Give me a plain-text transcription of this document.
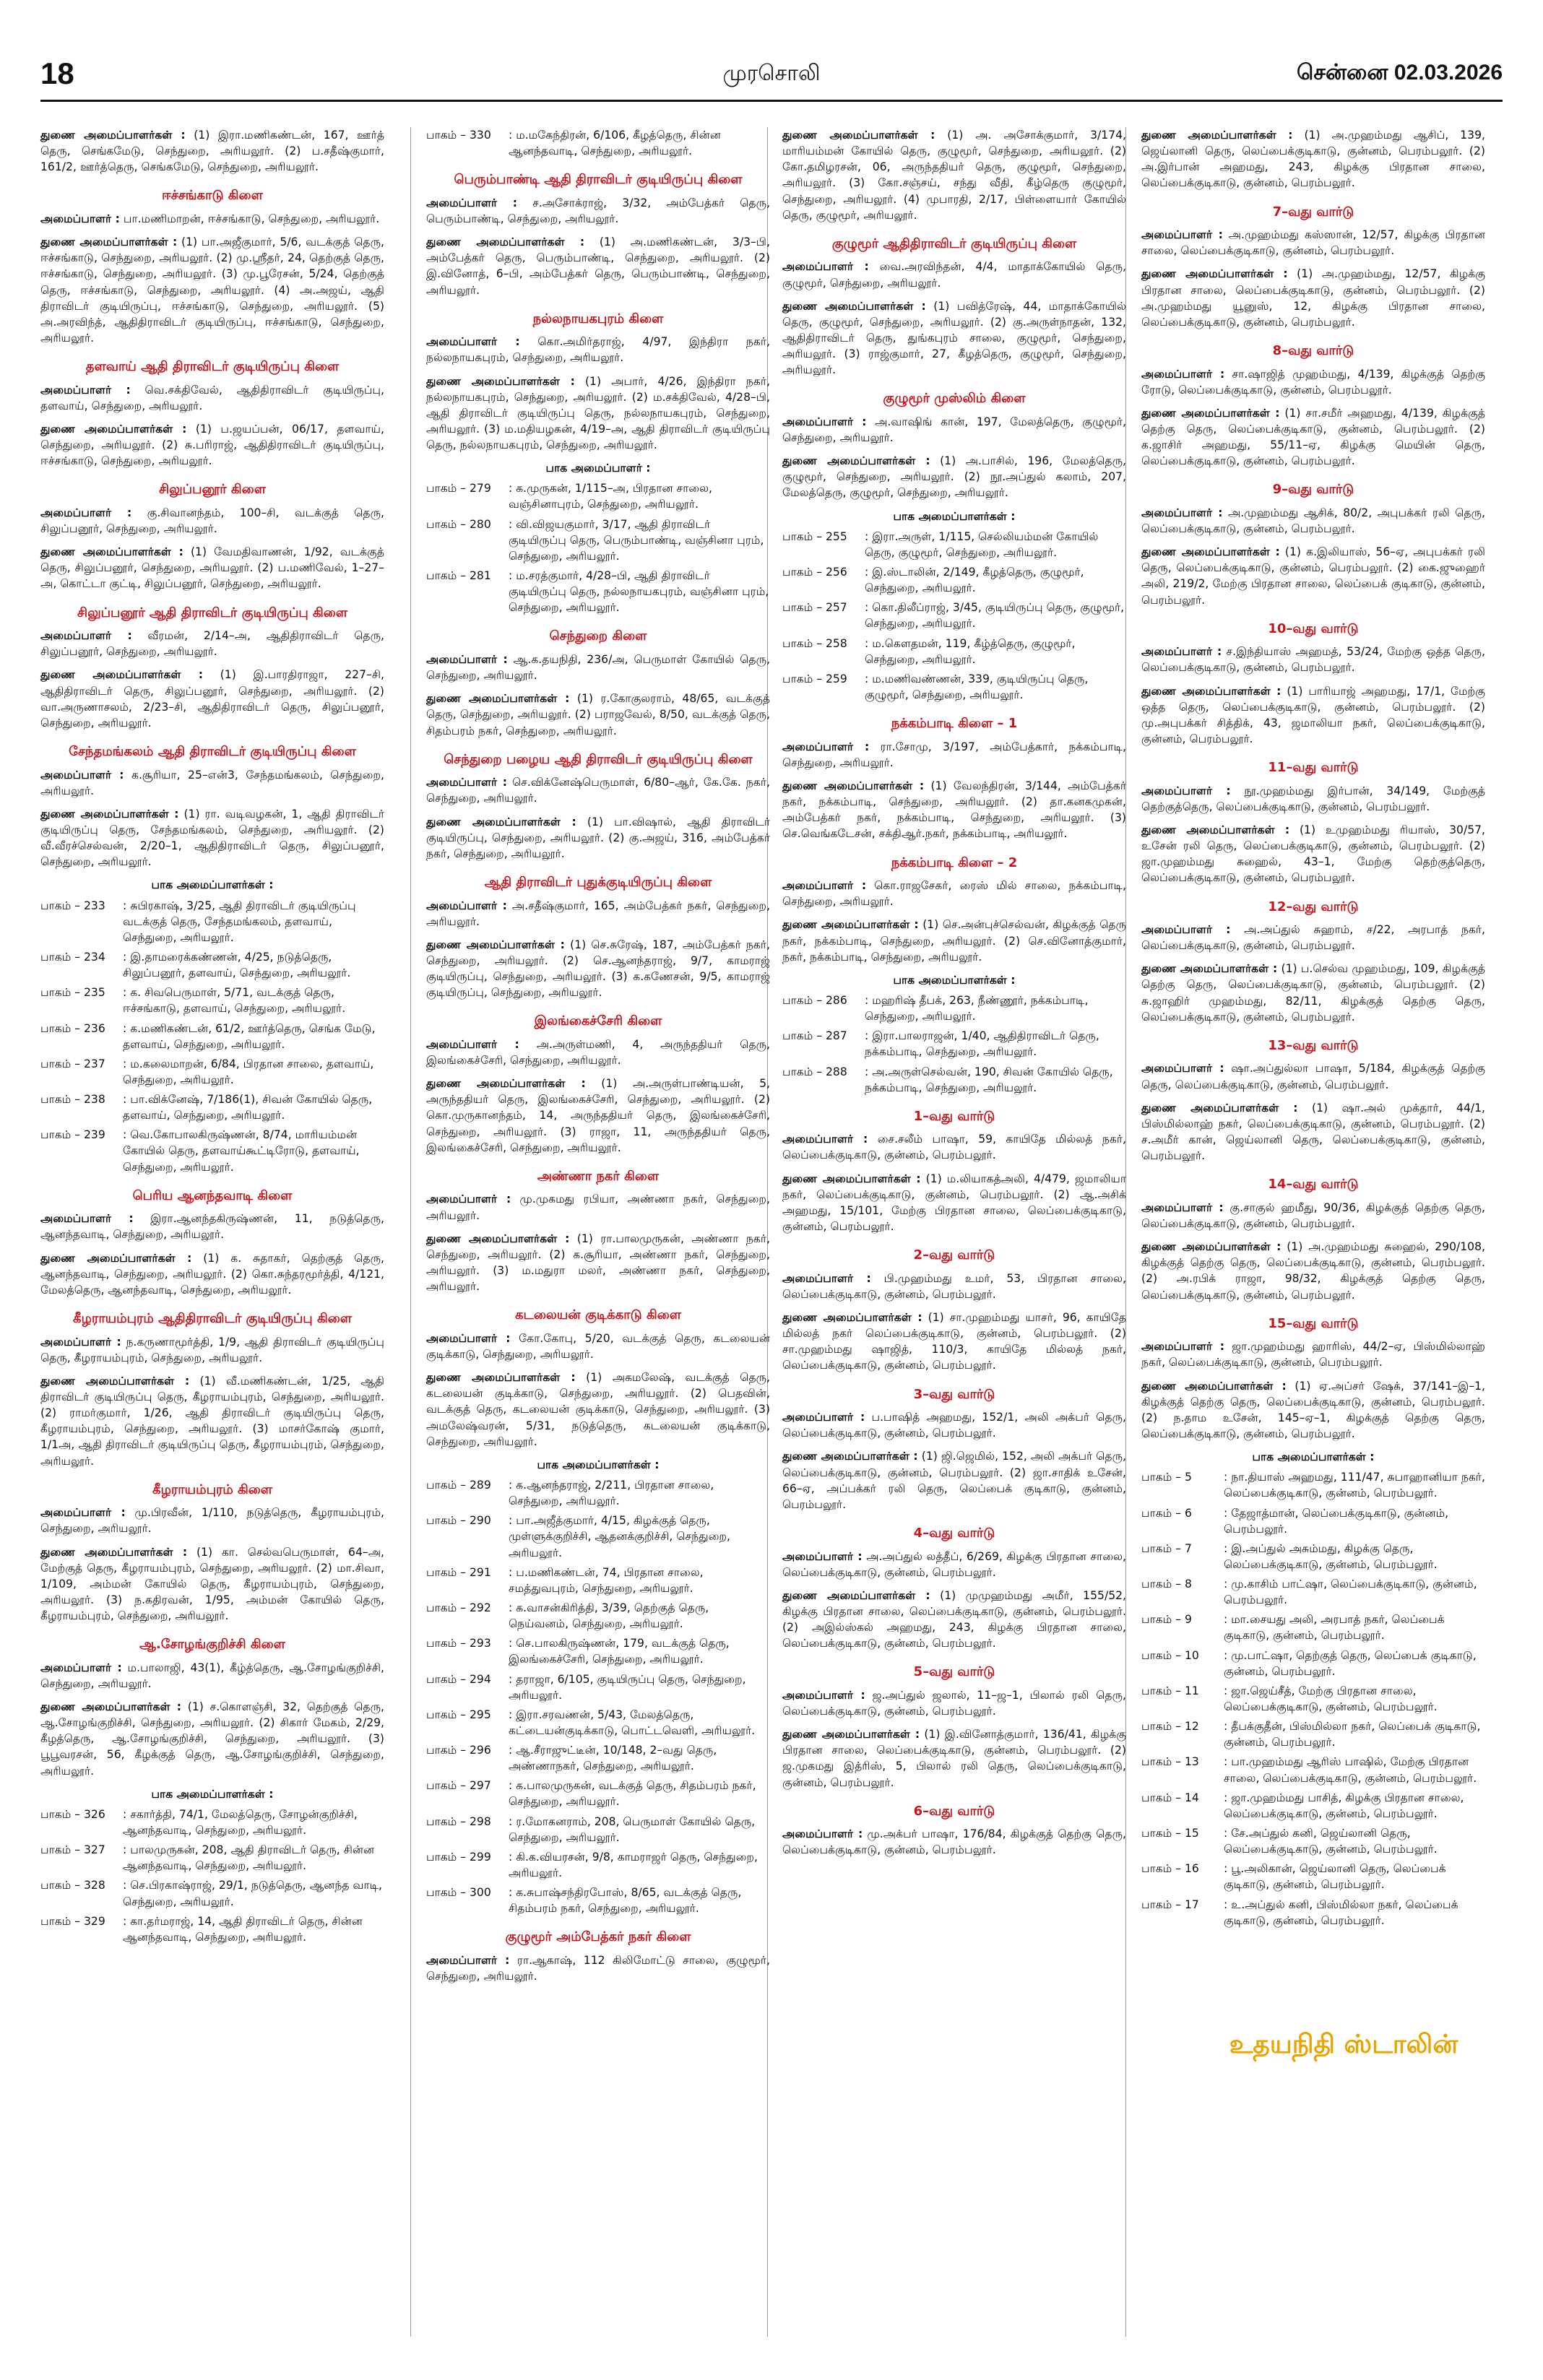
18	முரசொலி	சென்னை 02.03.2026
துணை அமைப்பாளர்கள் : (1) இரா.மணிகண்டன், 167, ஊர்த் தெரு, செங்கமேடு, செந்துறை, அரியலூர். (2) ப.சதீஷ்குமார், 161/2, ஊர்த்தெரு, செங்கமேடு, செந்துறை, அரியலூர்.
ஈச்சங்காடு கிளை
அமைப்பாளர் : பா.மணிமாறன், ஈச்சங்காடு, செந்துறை, அரியலூர்.
துணை அமைப்பாளர்கள் : (1) பா.அஜீகுமார், 5/6, வடக்குத் தெரு, ஈச்சங்காடு, செந்துறை, அரியலூர். (2) மு.ஸ்ரீதர், 24, தெற்குத் தெரு, ஈச்சங்காடு, செந்துறை, அரியலூர். (3) மு.பூரேசன், 5/24, தெற்குத் தெரு, ஈச்சங்காடு, செந்துறை, அரியலூர். (4) அ.அஜய், ஆதி திராவிடர் குடியிருப்பு, ஈச்சங்காடு, செந்துறை, அரியலூர். (5) அ.அரவிந்த், ஆதிதிராவிடர் குடியிருப்பு, ஈச்சங்காடு, செந்துறை, அரியலூர்.
தளவாய் ஆதி திராவிடர் குடியிருப்பு கிளை
அமைப்பாளர் : வெ.சக்திவேல், ஆதிதிராவிடர் குடியிருப்பு, தளவாய், செந்துறை, அரியலூர்.
துணை அமைப்பாளர்கள் : (1) ப.ஜயப்பன், 06/17, தளவாய், செந்துறை, அரியலூர். (2) சு.பரிராஜ், ஆதிதிராவிடர் குடியிருப்பு, ஈச்சங்காடு, செந்துறை, அரியலூர்.
சிலுப்பனூர் கிளை
அமைப்பாளர் : கு.சிவானந்தம், 100–சி, வடக்குத் தெரு, சிலுப்பனூர், செந்துறை, அரியலூர்.
துணை அமைப்பாளர்கள் : (1) வேமதிவாணன், 1/92, வடக்குத் தெரு, சிலுப்பனூர், செந்துறை, அரியலூர். (2) ப.மணிவேல், 1–27–அ, கொட்டா குட்டி, சிலுப்பனூர், செந்துறை, அரியலூர்.
சிலுப்பனூர் ஆதி திராவிடர் குடியிருப்பு கிளை
அமைப்பாளர் : வீரமன், 2/14–அ, ஆதிதிராவிடர் தெரு, சிலுப்பனூர், செந்துறை, அரியலூர்.
துணை அமைப்பாளர்கள் : (1) இ.பாரதிராஜா, 227–சி, ஆதிதிராவிடர் தெரு, சிலுப்பனூர், செந்துறை, அரியலூர். (2) வா.அருணாசலம், 2/23–சி, ஆதிதிராவிடர் தெரு, சிலுப்பனூர், செந்துறை, அரியலூர்.
சேந்தமங்கலம் ஆதி திராவிடர் குடியிருப்பு கிளை
அமைப்பாளர் : க.சூரியா, 25–என்3, சேந்தமங்கலம், செந்துறை, அரியலூர்.
துணை அமைப்பாளர்கள் : (1) ரா. வடிவழகன், 1, ஆதி திராவிடர் குடியிருப்பு தெரு, சேந்தமங்கலம், செந்துறை, அரியலூர். (2) வீ.வீரச்செல்வன், 2/20–1, ஆதிதிராவிடர் தெரு, சிலுப்பனூர், செந்துறை, அரியலூர்.
பாக அமைப்பாளர்கள் :
பாகம் – 233	: சுபிரகாஷ், 3/25, ஆதி திராவிடர் குடியிருப்பு வடக்குத் தெரு, சேந்தமங்கலம், தளவாய், செந்துறை, அரியலூர்.
பாகம் – 234	: இ.தாமரைக்கண்ணன், 4/25, நடுத்தெரு, சிலுப்பனூர், தளவாய், செந்துறை, அரியலூர்.
பாகம் – 235	: க. சிவபெருமாள், 5/71, வடக்குத் தெரு, ஈச்சங்காடு, தளவாய், செந்துறை, அரியலூர்.
பாகம் – 236	: க.மணிகண்டன், 61/2, ஊர்த்தெரு, செங்க மேடு, தளவாய், செந்துறை, அரியலூர்.
பாகம் – 237	: ம.கலைமாறன், 6/84, பிரதான சாலை, தளவாய், செந்துறை, அரியலூர்.
பாகம் – 238	: பா.விக்னேஷ், 7/186(1), சிவன் கோயில் தெரு, தளவாய், செந்துறை, அரியலூர்.
பாகம் – 239	: வெ.கோபாலகிருஷ்ணன், 8/74, மாரியம்மன் கோயில் தெரு, தளவாய்கூட்டிரோடு, தளவாய், செந்துறை, அரியலூர்.
பெரிய ஆனந்தவாடி கிளை
அமைப்பாளர் : இரா.ஆனந்தகிருஷ்ணன், 11, நடுத்தெரு, ஆனந்தவாடி, செந்துறை, அரியலூர்.
துணை அமைப்பாளர்கள் : (1) க. சுதாகர், தெற்குத் தெரு, ஆனந்தவாடி, செந்துறை, அரியலூர். (2) கொ.சுந்தரமூர்த்தி, 4/121, மேலத்தெரு, ஆனந்தவாடி, செந்துறை, அரியலூர்.
கீழராயம்புரம் ஆதிதிராவிடர் குடியிருப்பு கிளை
அமைப்பாளர் : ந.கருணாமூர்த்தி, 1/9, ஆதி திராவிடர் குடியிருப்பு தெரு, கீழராயம்புரம், செந்துறை, அரியலூர்.
துணை அமைப்பாளர்கள் : (1) வீ.மணிகண்டன், 1/25, ஆதி திராவிடர் குடியிருப்பு தெரு, கீழராயம்புரம், செந்துறை, அரியலூர். (2) ராமர்குமார், 1/26, ஆதி திராவிடர் குடியிருப்பு தெரு, கீழராயம்புரம், செந்துறை, அரியலூர். (3) மாசர்கோஷ் குமார், 1/1அ, ஆதி திராவிடர் குடியிருப்பு தெரு, கீழராயம்புரம், செந்துறை, அரியலூர்.
கீழராயம்புரம் கிளை
அமைப்பாளர் : மு.பிரவீன், 1/110, நடுத்தெரு, கீழராயம்புரம், செந்துறை, அரியலூர்.
துணை அமைப்பாளர்கள் : (1) கா. செல்வபெருமாள், 64–அ, மேற்குத் தெரு, கீழராயம்புரம், செந்துறை, அரியலூர். (2) மா.சிவா, 1/109, அம்மன் கோயில் தெரு, கீழராயம்புரம், செந்துறை, அரியலூர். (3) ந.கதிரவன், 1/95, அம்மன் கோயில் தெரு, கீழராயம்புரம், செந்துறை, அரியலூர்.
ஆ.சோழங்குறிச்சி கிளை
அமைப்பாளர் : ம.பாலாஜி, 43(1), கீழ்த்தெரு, ஆ.சோழங்குறிச்சி, செந்துறை, அரியலூர்.
துணை அமைப்பாளர்கள் : (1) ச.கொளஞ்சி, 32, தெற்குத் தெரு, ஆ.சோழங்குறிச்சி, செந்துறை, அரியலூர். (2) சிகார் மேகம், 2/29, கீழத்தெரு, ஆ.சோழங்குறிச்சி, செந்துறை, அரியலூர். (3) பூபூவரசன், 56, கீழக்குத் தெரு, ஆ.சோழங்குறிச்சி, செந்துறை, அரியலூர்.
பாக அமைப்பாளர்கள் :
பாகம் – 326	: சகார்த்தி, 74/1, மேலத்தெரு, சோழன்குறிச்சி, ஆனந்தவாடி, செந்துறை, அரியலூர்.
பாகம் – 327	: பாலமுருகன், 208, ஆதி திராவிடர் தெரு, சின்ன ஆனந்தவாடி, செந்துறை, அரியலூர்.
பாகம் – 328	: செ.பிரகாஷ்ராஜ், 29/1, நடுத்தெரு, ஆனந்த வாடி, செந்துறை, அரியலூர்.
பாகம் – 329	: கா.தர்மராஜ், 14, ஆதி திராவிடர் தெரு, சின்ன ஆனந்தவாடி, செந்துறை, அரியலூர்.
பாகம் – 330	: ம.மகேந்திரன், 6/106, கீழத்தெரு, சின்ன ஆனந்தவாடி, செந்துறை, அரியலூர்.
பெரும்பாண்டி ஆதி திராவிடர் குடியிருப்பு கிளை
அமைப்பாளர் : ச.அசோக்ராஜ், 3/32, அம்பேத்கர் தெரு, பெரும்பாண்டி, செந்துறை, அரியலூர்.
துணை அமைப்பாளர்கள் : (1) அ.மணிகண்டன், 3/3–பி, அம்பேத்கர் தெரு, பெரும்பாண்டி, செந்துறை, அரியலூர். (2) இ.வினோத், 6–பி, அம்பேத்கர் தெரு, பெரும்பாண்டி, செந்துறை, அரியலூர்.
நல்லநாயகபுரம் கிளை
அமைப்பாளர் : கொ.அமிர்தராஜ், 4/97, இந்திரா நகர், நல்லநாயகபுரம், செந்துறை, அரியலூர்.
துணை அமைப்பாளர்கள் : (1) அபார், 4/26, இந்திரா நகர், நல்லநாயகபுரம், செந்துறை, அரியலூர். (2) ம.சக்திவேல், 4/28–பி, ஆதி திராவிடர் குடியிருப்பு தெரு, நல்லநாயகபுரம், செந்துறை, அரியலூர். (3) ம.மதியழகன், 4/19–அ, ஆதி திராவிடர் குடியிருப்பு தெரு, நல்லநாயகபுரம், செந்துறை, அரியலூர்.
பாக அமைப்பாளர் :
பாகம் – 279	: க.முருகன், 1/115–அ, பிரதான சாலை, வஞ்சினாபுரம், செந்துறை, அரியலூர்.
பாகம் – 280	: வி.விஜயகுமார், 3/17, ஆதி திராவிடர் குடியிருப்பு தெரு, பெரும்பாண்டி, வஞ்சினா புரம், செந்துறை, அரியலூர்.
பாகம் – 281	: ம.சரத்குமார், 4/28–பி, ஆதி திராவிடர் குடியிருப்பு தெரு, நல்லநாயகபுரம், வஞ்சினா புரம், செந்துறை, அரியலூர்.
செந்துறை கிளை
அமைப்பாளர் : ஆ.க.தயநிதி, 236/அ, பெருமாள் கோயில் தெரு, செந்துறை, அரியலூர்.
துணை அமைப்பாளர்கள் : (1) ர.கோகுலராம், 48/65, வடக்குத் தெரு, செந்துறை, அரியலூர். (2) பராஜவேல், 8/50, வடக்குத் தெரு, சிதம்பரம் நகர், செந்துறை, அரியலூர்.
செந்துறை பழைய ஆதி திராவிடர் குடியிருப்பு கிளை
அமைப்பாளர் : செ.விக்னேஷ்பெருமாள், 6/80–ஆர், கே.கே. நகர், செந்துறை, அரியலூர்.
துணை அமைப்பாளர்கள் : (1) பா.விஷால், ஆதி திராவிடர் குடியிருப்பு, செந்துறை, அரியலூர். (2) கு.அஜய், 316, அம்பேத்கர் நகர், செந்துறை, அரியலூர்.
ஆதி திராவிடர் புதுக்குடியிருப்பு கிளை
அமைப்பாளர் : அ.சதீஷ்குமார், 165, அம்பேத்கர் நகர், செந்துறை, அரியலூர்.
துணை அமைப்பாளர்கள் : (1) செ.சுரேஷ், 187, அம்பேத்கர் நகர், செந்துறை, அரியலூர். (2) செ.ஆனந்தராஜ், 9/7, காமராஜ் குடியிருப்பு, செந்துறை, அரியலூர். (3) க.கணேசன், 9/5, காமராஜ் குடியிருப்பு, செந்துறை, அரியலூர்.
இலங்கைச்சேரி கிளை
அமைப்பாளர் : அ.அருள்மணி, 4, அருந்ததியர் தெரு, இலங்கைச்சேரி, செந்துறை, அரியலூர்.
துணை அமைப்பாளர்கள் : (1) அ.அருள்பாண்டியன், 5, அருந்ததியர் தெரு, இலங்கைச்சேரி, செந்துறை, அரியலூர். (2) கொ.முருகானந்தம், 14, அருந்ததியர் தெரு, இலங்கைச்சேரி, செந்துறை, அரியலூர். (3) ராஜா, 11, அருந்ததியர் தெரு, இலங்கைச்சேரி, செந்துறை, அரியலூர்.
அண்ணா நகர் கிளை
அமைப்பாளர் : மு.முகமது ரபியா, அண்ணா நகர், செந்துறை, அரியலூர்.
துணை அமைப்பாளர்கள் : (1) ரா.பாலமுருகன், அண்ணா நகர், செந்துறை, அரியலூர். (2) க.சூரியா, அண்ணா நகர், செந்துறை, அரியலூர். (3) ம.மதுரா மலர், அண்ணா நகர், செந்துறை, அரியலூர்.
கடலையன் குடிக்காடு கிளை
அமைப்பாளர் : கோ.கோபு, 5/20, வடக்குத் தெரு, கடலையன் குடிக்காடு, செந்துறை, அரியலூர்.
துணை அமைப்பாளர்கள் : (1) அகமலேஷ், வடக்குத் தெரு, கடலையன் குடிக்காடு, செந்துறை, அரியலூர். (2) பெதவின், வடக்குத் தெரு, கடலையன் குடிக்காடு, செந்துறை, அரியலூர். (3) அமலேஷ்வரன், 5/31, நடுத்தெரு, கடலையன் குடிக்காடு, செந்துறை, அரியலூர்.
பாக அமைப்பாளர்கள் :
பாகம் – 289	: க.ஆனந்தராஜ், 2/211, பிரதான சாலை, செந்துறை, அரியலூர்.
பாகம் – 290	: பா.அஜீத்குமார், 4/15, கிழக்குத் தெரு, முள்ளுக்குறிச்சி, ஆதனக்குறிச்சி, செந்துறை, அரியலூர்.
பாகம் – 291	: ப.மணிகண்டன், 74, பிரதான சாலை, சமத்துவபுரம், செந்துறை, அரியலூர்.
பாகம் – 292	: க.வாசன்கிரித்தி, 3/39, தெற்குத் தெரு, நெய்வனம், செந்துறை, அரியலூர்.
பாகம் – 293	: செ.பாலகிருஷ்ணன், 179, வடக்குத் தெரு, இலங்கைச்சேரி, செந்துறை, அரியலூர்.
பாகம் – 294	: தராஜா, 6/105, குடியிருப்பு தெரு, செந்துறை, அரியலூர்.
பாகம் – 295	: இரா.சரவணன், 5/43, மேலத்தெரு, கட்டையன்குடிக்காடு, பொட்டவெளி, அரியலூர்.
பாகம் – 296	: ஆ.சீராஜுட்டீன், 10/148, 2–வது தெரு, அண்ணாநகர், செந்துறை, அரியலூர்.
பாகம் – 297	: க.பாலமுருகன், வடக்குத் தெரு, சிதம்பரம் நகர், செந்துறை, அரியலூர்.
பாகம் – 298	: ர.மோகனராம், 208, பெருமாள் கோயில் தெரு, செந்துறை, அரியலூர்.
பாகம் – 299	: கி.க.வியரசன், 9/8, காமராஜர் தெரு, செந்துறை, அரியலூர்.
பாகம் – 300	: க.சுபாஷ்சந்திரபோஸ், 8/65, வடக்குத் தெரு, சிதம்பரம் நகர், செந்துறை, அரியலூர்.
குழுமூர் அம்பேத்கர் நகர் கிளை
அமைப்பாளர் : ரா.ஆகாஷ், 112 கிலிமோட்டு சாலை, குழுமூர், செந்துறை, அரியலூர்.
துணை அமைப்பாளர்கள் : (1) அ. அசோக்குமார், 3/174, மாரியம்மன் கோயில் தெரு, குழுமூர், செந்துறை, அரியலூர். (2) கோ.தமிழரசன், 06, அருந்ததியர் தெரு, குழுமூர், செந்துறை, அரியலூர். (3) கோ.சஞ்சய், சந்து வீதி, கீழ்தெரு குழுமூர், செந்துறை, அரியலூர். (4) முபாரதி, 2/17, பிள்ளையார் கோயில் தெரு, குழுமூர், அரியலூர்.
குழுமூர் ஆதிதிராவிடர் குடியிருப்பு கிளை
அமைப்பாளர் : வை.அரவிந்தன், 4/4, மாதாக்கோயில் தெரு, குழுமூர், செந்துறை, அரியலூர்.
துணை அமைப்பாளர்கள் : (1) பவித்ரேஷ், 44, மாதாக்கோயில் தெரு, குழுமூர், செந்துறை, அரியலூர். (2) கு.அருள்நாதன், 132, ஆதிதிராவிடர் தெரு, துங்கபுரம் சாலை, குழுமூர், செந்துறை, அரியலூர். (3) ராஜ்குமார், 27, கீழத்தெரு, குழுமூர், செந்துறை, அரியலூர்.
குழுமூர் முஸ்லிம் கிளை
அமைப்பாளர் : அ.வாஷிங் கான், 197, மேலத்தெரு, குழுமூர், செந்துறை, அரியலூர்.
துணை அமைப்பாளர்கள் : (1) அ.பாசில், 196, மேலத்தெரு, குழுமூர், செந்துறை, அரியலூர். (2) நூ.அப்துல் கலாம், 207, மேலத்தெரு, குழுமூர், செந்துறை, அரியலூர்.
பாக அமைப்பாளர்கள் :
பாகம் – 255	: இரா.அருள், 1/115, செல்லியம்மன் கோயில் தெரு, குழுமூர், செந்துறை, அரியலூர்.
பாகம் – 256	: இ.ஸ்டாலின், 2/149, கீழத்தெரு, குழுமூர், செந்துறை, அரியலூர்.
பாகம் – 257	: கொ.திலீப்ராஜ், 3/45, குடியிருப்பு தெரு, குழுமூர், செந்துறை, அரியலூர்.
பாகம் – 258	: ம.கௌதமன், 119, கீழ்த்தெரு, குழுமூர், செந்துறை, அரியலூர்.
பாகம் – 259	: ம.மணிவண்ணன், 339, குடியிருப்பு தெரு, குழுமூர், செந்துறை, அரியலூர்.
நக்கம்பாடி கிளை – 1
அமைப்பாளர் : ரா.சோமு, 3/197, அம்பேத்கார், நக்கம்பாடி, செந்துறை, அரியலூர்.
துணை அமைப்பாளர்கள் : (1) வேலந்திரன், 3/144, அம்பேத்கர் நகர், நக்கம்பாடி, செந்துறை, அரியலூர். (2) தா.கனகமுகன், அம்பேத்கர் நகர், நக்கம்பாடி, செந்துறை, அரியலூர். (3) செ.வெங்கடேசன், சக்திஆர்.நகர், நக்கம்பாடி, அரியலூர்.
நக்கம்பாடி கிளை – 2
அமைப்பாளர் : கொ.ராஜசேகர், ரைஸ் மில் சாலை, நக்கம்பாடி, செந்துறை, அரியலூர்.
துணை அமைப்பாளர்கள் : (1) செ.அன்புச்செல்வன், கிழக்குத் தெரு நகர், நக்கம்பாடி, செந்துறை, அரியலூர். (2) செ.வினோத்குமார், நகர், நக்கம்பாடி, செந்துறை, அரியலூர்.
பாக அமைப்பாளர்கள் :
பாகம் – 286	: மஹரிஷ் தீபக், 263, நீண்ணூர், நக்கம்பாடி, செந்துறை, அரியலூர்.
பாகம் – 287	: இரா.பாலராஜன், 1/40, ஆதிதிராவிடர் தெரு, நக்கம்பாடி, செந்துறை, அரியலூர்.
பாகம் – 288	: அ.அருள்செல்வன், 190, சிவன் கோயில் தெரு, நக்கம்பாடி, செந்துறை, அரியலூர்.
1–வது வார்டு
அமைப்பாளர் : சை.சலீம் பாஷா, 59, காயிதே மில்லத் நகர், லெப்பைக்குடிகாடு, குன்னம், பெரம்பலூர்.
துணை அமைப்பாளர்கள் : (1) ம.லியாகத்அலி, 4/479, ஜமாலியா நகர், லெப்பைக்குடிகாடு, குன்னம், பெரம்பலூர். (2) ஆ.அசிக் அஹமது, 15/101, மேற்கு பிரதான சாலை, லெப்பைக்குடிகாடு, குன்னம், பெரம்பலூர்.
2–வது வார்டு
அமைப்பாளர் : பி.முஹம்மது உமர், 53, பிரதான சாலை, லெப்பைக்குடிகாடு, குன்னம், பெரம்பலூர்.
துணை அமைப்பாளர்கள் : (1) சா.முஹம்மது யாசர், 96, காயிதே மில்லத் நகர் லெப்பைக்குடிகாடு, குன்னம், பெரம்பலூர். (2) சா.முஹம்மது ஷாஜித், 110/3, காயிதே மில்லத் நகர், லெப்பைக்குடிகாடு, குன்னம், பெரம்பலூர்.
3–வது வார்டு
அமைப்பாளர் : ப.பாஷித் அஹமது, 152/1, அலி அக்பர் தெரு, லெப்பைக்குடிகாடு, குன்னம், பெரம்பலூர்.
துணை அமைப்பாளர்கள் : (1) ஜி.ஜெமில், 152, அலி அக்பர் தெரு, லெப்பைக்குடிகாடு, குன்னம், பெரம்பலூர். (2) ஜா.சாதிக் உசேன், 66–ஏ, அப்பக்கர் ரலி தெரு, லெப்பைக் குடிகாடு, குன்னம், பெரம்பலூர்.
4–வது வார்டு
அமைப்பாளர் : அ.அப்துல் லத்தீப், 6/269, கிழக்கு பிரதான சாலை, லெப்பைக்குடிகாடு, குன்னம், பெரம்பலூர்.
துணை அமைப்பாளர்கள் : (1) முமுஹம்மது அமீர், 155/52, கிழக்கு பிரதான சாலை, லெப்பைக்குடிகாடு, குன்னம், பெரம்பலூர். (2) அஇல்ஸ்கல் அஹமது, 243, கிழக்கு பிரதான சாலை, லெப்பைக்குடிகாடு, குன்னம், பெரம்பலூர்.
5–வது வார்டு
அமைப்பாளர் : ஜ.அப்துல் ஜலால், 11–ஜ–1, பிலால் ரலி தெரு, லெப்பைக்குடிகாடு, குன்னம், பெரம்பலூர்.
துணை அமைப்பாளர்கள் : (1) இ.வினோத்குமார், 136/41, கிழக்கு பிரதான சாலை, லெப்பைக்குடிகாடு, குன்னம், பெரம்பலூர். (2) ஜ.முகமது இத்ரிஸ், 5, பிலால் ரலி தெரு, லெப்பைக்குடிகாடு, குன்னம், பெரம்பலூர்.
6–வது வார்டு
அமைப்பாளர் : மு.அக்பர் பாஷா, 176/84, கிழக்குத் தெற்கு தெரு, லெப்பைக்குடிகாடு, குன்னம், பெரம்பலூர்.
துணை அமைப்பாளர்கள் : (1) அ.முஹம்மது ஆசிப், 139, ஜெய்லானி தெரு, லெப்பைக்குடிகாடு, குன்னம், பெரம்பலூர். (2) அ.இர்பான் அஹமது, 243, கிழக்கு பிரதான சாலை, லெப்பைக்குடிகாடு, குன்னம், பெரம்பலூர்.
7–வது வார்டு
அமைப்பாளர் : அ.முஹம்மது கஸ்ஸான், 12/57, கிழக்கு பிரதான சாலை, லெப்பைக்குடிகாடு, குன்னம், பெரம்பலூர்.
துணை அமைப்பாளர்கள் : (1) அ.முஹம்மது, 12/57, கிழக்கு பிரதான சாலை, லெப்பைக்குடிகாடு, குன்னம், பெரம்பலூர். (2) அ.முஹம்மது யூனுஸ், 12, கிழக்கு பிரதான சாலை, லெப்பைக்குடிகாடு, குன்னம், பெரம்பலூர்.
8–வது வார்டு
அமைப்பாளர் : சா.ஷாஜித் முஹம்மது, 4/139, கிழக்குத் தெற்கு ரோடு, லெப்பைக்குடிகாடு, குன்னம், பெரம்பலூர்.
துணை அமைப்பாளர்கள் : (1) சா.சமீர் அஹமது, 4/139, கிழக்குத் தெற்கு தெரு, லெப்பைக்குடிகாடு, குன்னம், பெரம்பலூர். (2) க.ஜாசிர் அஹமது, 55/11–ஏ, கிழக்கு மெயின் தெரு, லெப்பைக்குடிகாடு, குன்னம், பெரம்பலூர்.
9–வது வார்டு
அமைப்பாளர் : அ.முஹம்மது ஆசிக், 80/2, அபுபக்கர் ரலி தெரு, லெப்பைக்குடிகாடு, குன்னம், பெரம்பலூர்.
துணை அமைப்பாளர்கள் : (1) க.இலியாஸ், 56–ஏ, அபுபக்கர் ரலி தெரு, லெப்பைக்குடிகாடு, குன்னம், பெரம்பலூர். (2) கை.ஜுஹைர் அலி, 219/2, மேற்கு பிரதான சாலை, லெப்பைக் குடிகாடு, குன்னம், பெரம்பலூர்.
10–வது வார்டு
அமைப்பாளர் : ச.இந்தியாஸ் அஹமத், 53/24, மேற்கு ஒத்த தெரு, லெப்பைக்குடிகாடு, குன்னம், பெரம்பலூர்.
துணை அமைப்பாளர்கள் : (1) பாரியாஜ் அஹமது, 17/1, மேற்கு ஒத்த தெரு, லெப்பைக்குடிகாடு, குன்னம், பெரம்பலூர். (2) மு.அபுபக்கர் சித்திக், 43, ஜமாலியா நகர், லெப்பைக்குடிகாடு, குன்னம், பெரம்பலூர்.
11–வது வார்டு
அமைப்பாளர் : நூ.முஹம்மது இர்பான், 34/149, மேற்குத் தெற்குத்தெரு, லெப்பைக்குடிகாடு, குன்னம், பெரம்பலூர்.
துணை அமைப்பாளர்கள் : (1) உமுஹம்மது ரியாஸ், 30/57, உசேன் ரலி தெரு, லெப்பைக்குடிகாடு, குன்னம், பெரம்பலூர். (2) ஜா.முஹம்மது சுஹைல், 43–1, மேற்கு தெற்குத்தெரு, லெப்பைக்குடிகாடு, குன்னம், பெரம்பலூர்.
12–வது வார்டு
அமைப்பாளர் : அ.அப்துல் சுஹாம், ச/22, அரபாத் நகர், லெப்பைக்குடிகாடு, குன்னம், பெரம்பலூர்.
துணை அமைப்பாளர்கள் : (1) ப.செல்வ முஹம்மது, 109, கிழக்குத் தெற்கு தெரு, லெப்பைக்குடிகாடு, குன்னம், பெரம்பலூர். (2) சு.ஜாஹிர் முஹம்மது, 82/11, கிழக்குத் தெற்கு தெரு, லெப்பைக்குடிகாடு, குன்னம், பெரம்பலூர்.
13–வது வார்டு
அமைப்பாளர் : ஷா.அப்துல்லா பாஷா, 5/184, கிழக்குத் தெற்கு தெரு, லெப்பைக்குடிகாடு, குன்னம், பெரம்பலூர்.
துணை அமைப்பாளர்கள் : (1) ஷா.அல் முக்தார், 44/1, பிஸ்மில்லாஹ் நகர், லெப்பைக்குடிகாடு, குன்னம், பெரம்பலூர். (2) ச.அமீர் கான், ஜெய்லானி தெரு, லெப்பைக்குடிகாடு, குன்னம், பெரம்பலூர்.
14–வது வார்டு
அமைப்பாளர் : கு.சாகுல் ஹமீது, 90/36, கிழக்குத் தெற்கு தெரு, லெப்பைக்குடிகாடு, குன்னம், பெரம்பலூர்.
துணை அமைப்பாளர்கள் : (1) அ.முஹம்மது சுஹைல், 290/108, கிழக்குத் தெற்கு தெரு, லெப்பைக்குடிகாடு, குன்னம், பெரம்பலூர். (2) அ.ரபிக் ராஜா, 98/32, கிழக்குத் தெற்கு தெரு, லெப்பைக்குடிகாடு, குன்னம், பெரம்பலூர்.
15–வது வார்டு
அமைப்பாளர் : ஜா.முஹம்மது ஹாரிஸ், 44/2–ஏ, பிஸ்மில்லாஹ் நகர், லெப்பைக்குடிகாடு, குன்னம், பெரம்பலூர்.
துணை அமைப்பாளர்கள் : (1) ஏ.அப்சர் ஷேக், 37/141–இ–1, கிழக்குத் தெற்கு தெரு, லெப்பைக்குடிகாடு, குன்னம், பெரம்பலூர். (2) ந.தாம உசேன், 145–ஏ–1, கிழக்குத் தெற்கு தெரு, லெப்பைக்குடிகாடு, குன்னம், பெரம்பலூர்.
பாக அமைப்பாளர்கள் :
பாகம் – 5	: நா.தியாஸ் அஹமது, 111/47, சுபாஹானியா நகர், லெப்பைக்குடிகாடு, குன்னம், பெரம்பலூர்.
பாகம் – 6	: தேஜாத்மான், லெப்பைக்குடிகாடு, குன்னம், பெரம்பலூர்.
பாகம் – 7	: இ.அப்துல் அசும்மது, கிழக்கு தெரு, லெப்பைக்குடிகாடு, குன்னம், பெரம்பலூர்.
பாகம் – 8	: மு.காசிம் பாட்ஷா, லெப்பைக்குடிகாடு, குன்னம், பெரம்பலூர்.
பாகம் – 9	: மா.சையது அலி, அரபாத் நகர், லெப்பைக் குடிகாடு, குன்னம், பெரம்பலூர்.
பாகம் – 10	: மு.பாட்ஷா, தெற்குத் தெரு, லெப்பைக் குடிகாடு, குன்னம், பெரம்பலூர்.
பாகம் – 11	: ஜா.ஜெய்சீத், மேற்கு பிரதான சாலை, லெப்பைக்குடிகாடு, குன்னம், பெரம்பலூர்.
பாகம் – 12	: தீபக்குதீன், பிஸ்மில்லா நகர், லெப்பைக் குடிகாடு, குன்னம், பெரம்பலூர்.
பாகம் – 13	: பா.முஹம்மது ஆரிஸ் பாஷில், மேற்கு பிரதான சாலை, லெப்பைக்குடிகாடு, குன்னம், பெரம்பலூர்.
பாகம் – 14	: ஜா.முஹம்மது பாசித், கிழக்கு பிரதான சாலை, லெப்பைக்குடிகாடு, குன்னம், பெரம்பலூர்.
பாகம் – 15	: சே.அப்துல் கனி, ஜெய்லானி தெரு, லெப்பைக்குடிகாடு, குன்னம், பெரம்பலூர்.
பாகம் – 16	: பூ.அலிகான், ஜெய்லானி தெரு, லெப்பைக் குடிகாடு, குன்னம், பெரம்பலூர்.
பாகம் – 17	: உ.அப்துல் கனி, பிஸ்மில்லா நகர், லெப்பைக் குடிகாடு, குன்னம், பெரம்பலூர்.
உதயநிதி ஸ்டாலின்
